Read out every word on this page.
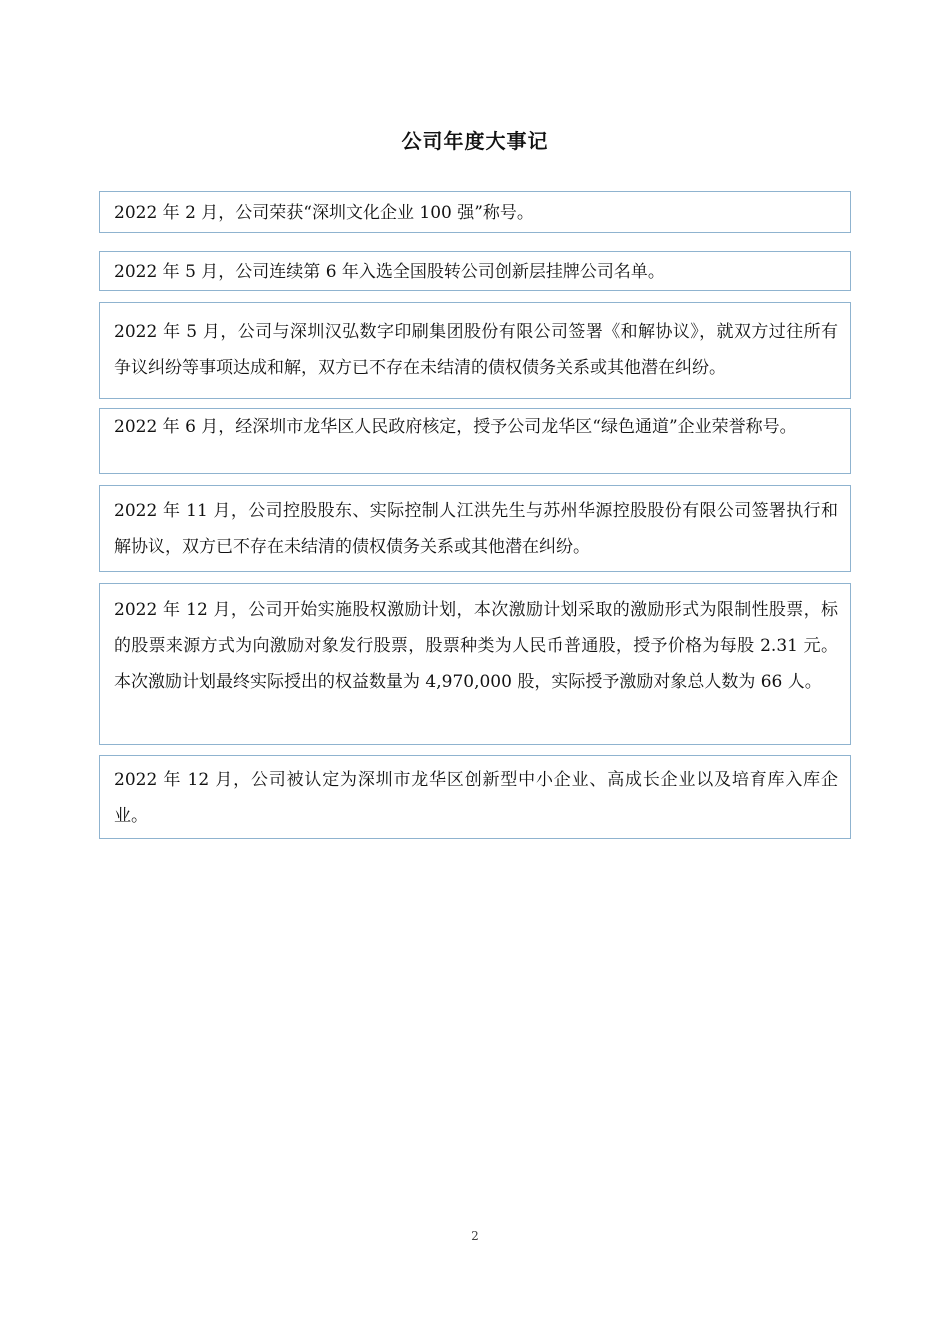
公司年度大事记

2022 年 2 月，公司荣获“深圳文化企业 100 强”称号。

2022 年 5 月，公司连续第 6 年入选全国股转公司创新层挂牌公司名单。

2022 年 5 月，公司与深圳汉弘数字印刷集团股份有限公司签署《和解协议》，就双方过往所有争议纠纷等事项达成和解，双方已不存在未结清的债权债务关系或其他潜在纠纷。

2022 年 6 月，经深圳市龙华区人民政府核定，授予公司龙华区“绿色通道”企业荣誉称号。

2022 年 11 月，公司控股股东、实际控制人江洪先生与苏州华源控股股份有限公司签署执行和解协议，双方已不存在未结清的债权债务关系或其他潜在纠纷。

2022 年 12 月，公司开始实施股权激励计划，本次激励计划采取的激励形式为限制性股票，标的股票来源方式为向激励对象发行股票，股票种类为人民币普通股，授予价格为每股 2.31 元。本次激励计划最终实际授出的权益数量为 4,970,000 股，实际授予激励对象总人数为 66 人。

2022 年 12 月，公司被认定为深圳市龙华区创新型中小企业、高成长企业以及培育库入库企业。

2
